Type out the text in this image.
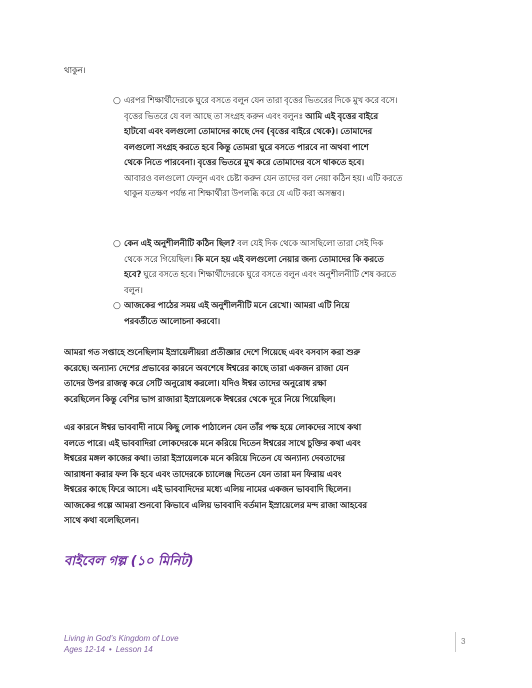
থাকুন।

○ এরপর শিক্ষার্থীদেরকে ঘুরে বসতে বলুন যেন তারা বৃত্তের ভিতরের দিকে মুখ করে বসে।
বৃত্তের ভিতরে যে বল আছে তা সংগ্রহ করুন এবং বলুনঃ আমি এই বৃত্তের বাইরে
হাটবো এবং বলগুলো তোমাদের কাছে দেব (বৃত্তের বাইরে থেকে)। তোমাদের
বলগুলো সংগ্রহ করতে হবে কিন্তু তোমরা ঘুরে বসতে পারবে না অথবা পাশে
থেকে নিতে পারবেনা। বৃত্তের ভিতরে মুখ করে তোমাদের বসে থাকতে হবে।
আবারও বলগুলো ফেলুন এবং চেষ্টা করুন যেন তাদের বল নেয়া কঠিন হয়। এটি করতে
থাকুন যতক্ষণ পর্যন্ত না শিক্ষার্থীরা উপলব্ধি করে যে এটি করা অসম্ভব।
○ কেন এই অনুশীলনীটি কঠিন ছিল? বল যেই দিক থেকে আসছিলো তারা সেই দিক
থেকে সরে গিয়েছিল। কি মনে হয় এই বলগুলো নেয়ার জন্য তোমাদের কি করতে
হবে? ঘুরে বসতে হবে। শিক্ষার্থীদেরকে ঘুরে বসতে বলুন এবং অনুশীলনীটি শেষ করতে
বলুন।
○ আজকের পাঠের সময় এই অনুশীলনীটি মনে রেখো। আমরা এটি নিয়ে
পরবর্তীতে আলোচনা করবো।
আমরা গত সপ্তাহে শুনেছিলাম ইস্রায়েলীয়রা প্রতীজ্ঞার দেশে গিয়েছে এবং বসবাস করা শুরু
করেছে। অন্যান্য দেশের প্রভাবের কারনে অবশেষে ঈশ্বরের কাছে তারা একজন রাজা যেন
তাদের উপর রাজত্ব করে সেটি অনুরোধ করলো। যদিও ঈশ্বর তাদের অনুরোধ রক্ষা
করেছিলেন কিন্তু বেশির ভাগ রাজারা ইস্রায়েলকে ঈশ্বরের থেকে দূরে নিয়ে গিয়েছিল।
এর কারনে ঈশ্বর ভাববাদী নামে কিছু লোক পাঠালেন যেন তাঁর পক্ষ হয়ে লোকদের সাথে কথা
বলতে পারে। এই ভাববাদিরা লোকদেরকে মনে করিয়ে দিতেন ঈশ্বরের সাথে চুক্তির কথা এবং
ঈশ্বরের মঙ্গল কাজের কথা। তারা ইস্রায়েলকে মনে করিয়ে দিতেন যে অন্যান্য দেবতাদের
আরাধনা করার ফল কি হবে এবং তাদেরকে চ্যালেঞ্জ দিতেন যেন তারা মন ফিরায় এবং
ঈশ্বরের কাছে ফিরে আসে। এই ভাববাদিদের মধ্যে এলিয় নামের একজন ভাববাদি ছিলেন।
আজকের গল্পে আমরা শুনবো কিভাবে এলিয় ভাববাদি বর্তমান ইস্রায়েলের মন্দ রাজা আহবের
সাথে কথা বলেছিলেন।
বাইবেল গল্প (১০ মিনিট)
Living in God’s Kingdom of Love
Ages 12-14 • Lesson 14
3
